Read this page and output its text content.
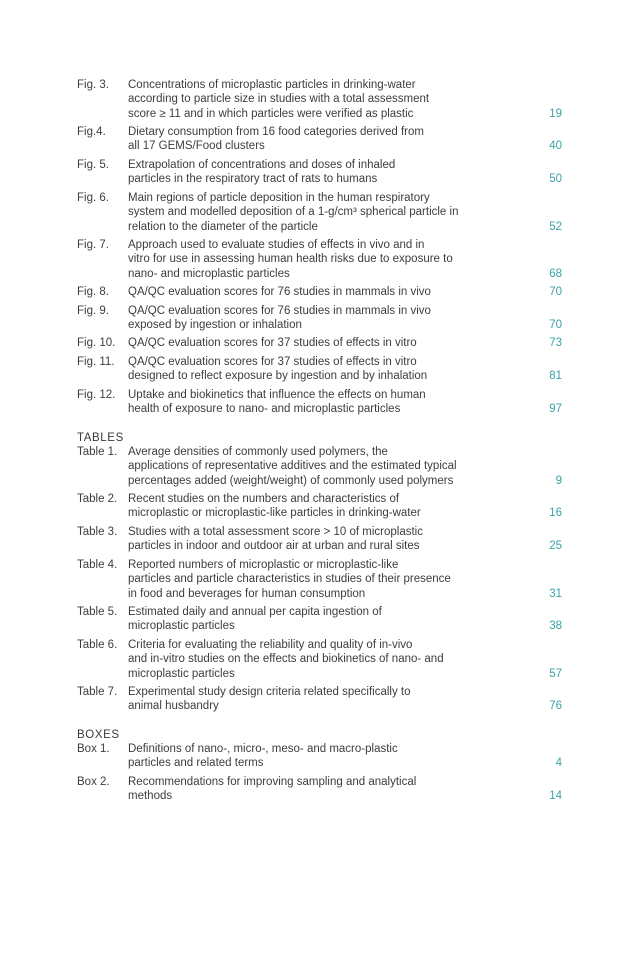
Fig. 3. Concentrations of microplastic particles in drinking-water
according to particle size in studies with a total assessment
score ≥ 11 and in which particles were verified as plastic	19
Fig.4. Dietary consumption from 16 food categories derived from
all 17 GEMS/Food clusters	40
Fig. 5. Extrapolation of concentrations and doses of inhaled
particles in the respiratory tract of rats to humans	50
Fig. 6. Main regions of particle deposition in the human respiratory
system and modelled deposition of a 1-g/cm³ spherical particle in
relation to the diameter of the particle	52
Fig. 7. Approach used to evaluate studies of effects in vivo and in
vitro for use in assessing human health risks due to exposure to
nano- and microplastic particles	68
Fig. 8. QA/QC evaluation scores for 76 studies in mammals in vivo	70
Fig. 9. QA/QC evaluation scores for 76 studies in mammals in vivo
exposed by ingestion or inhalation	70
Fig. 10. QA/QC evaluation scores for 37 studies of effects in vitro	73
Fig. 11. QA/QC evaluation scores for 37 studies of effects in vitro
designed to reflect exposure by ingestion and by inhalation	81
Fig. 12. Uptake and biokinetics that influence the effects on human
health of exposure to nano- and microplastic particles	97
TABLES
Table 1. Average densities of commonly used polymers, the
applications of representative additives and the estimated typical
percentages added (weight/weight) of commonly used polymers	9
Table 2. Recent studies on the numbers and characteristics of
microplastic or microplastic-like particles in drinking-water	16
Table 3. Studies with a total assessment score > 10 of microplastic
particles in indoor and outdoor air at urban and rural sites	25
Table 4. Reported numbers of microplastic or microplastic-like
particles and particle characteristics in studies of their presence
in food and beverages for human consumption	31
Table 5. Estimated daily and annual per capita ingestion of
microplastic particles	38
Table 6. Criteria for evaluating the reliability and quality of in-vivo
and in-vitro studies on the effects and biokinetics of nano- and
microplastic particles	57
Table 7. Experimental study design criteria related specifically to
animal husbandry	76
BOXES
Box 1. Definitions of nano-, micro-, meso- and macro-plastic
particles and related terms	4
Box 2. Recommendations for improving sampling and analytical
methods	14
